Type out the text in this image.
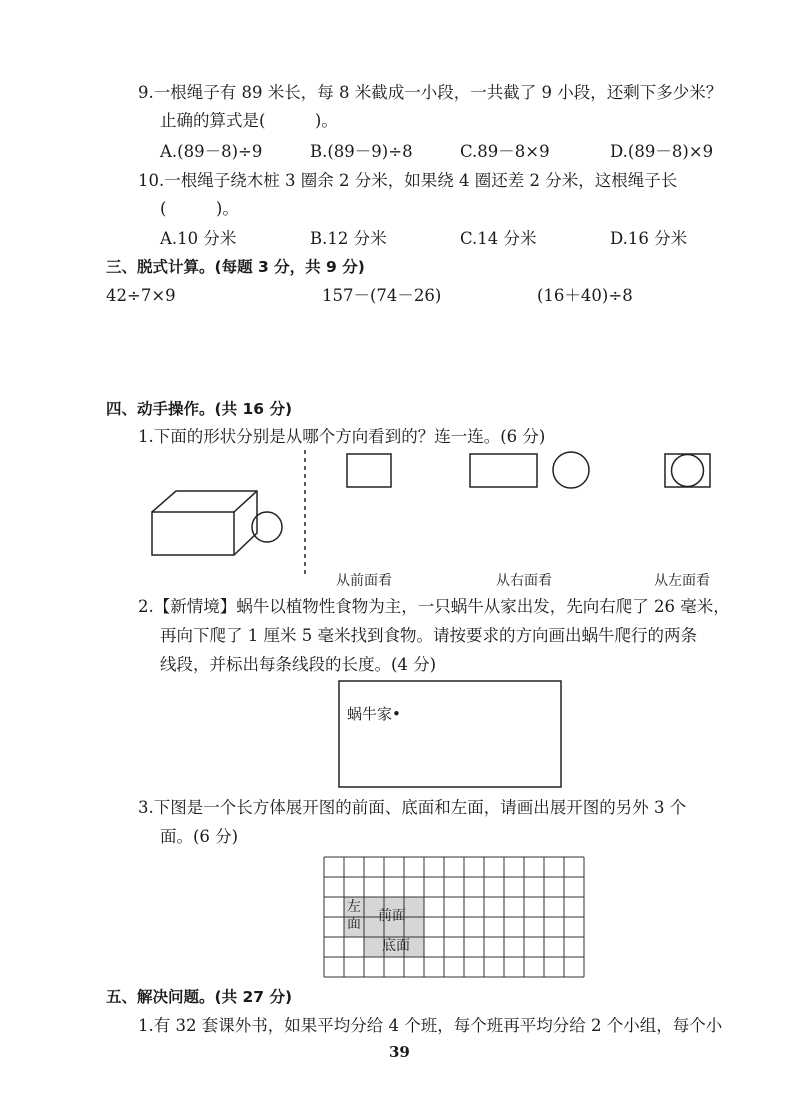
9.一根绳子有 89 米长，每 8 米截成一小段，一共截了 9 小段，还剩下多少米？
止确的算式是(　　　)。
A.(89－8)÷9	B.(89－9)÷8	C.89－8×9	D.(89－8)×9
10.一根绳子绕木桩 3 圈余 2 分米，如果绕 4 圈还差 2 分米，这根绳子长
(　　　)。
A.10 分米	B.12 分米	C.14 分米	D.16 分米
三、脱式计算。(每题 3 分，共 9 分)
42÷7×9	157－(74－26)	(16＋40)÷8
四、动手操作。(共 16 分)
1.下面的形状分别是从哪个方向看到的？连一连。(6 分)
从前面看	从右面看	从左面看
2.【新情境】蜗牛以植物性食物为主，一只蜗牛从家出发，先向右爬了 26 毫米，
再向下爬了 1 厘米 5 毫米找到食物。请按要求的方向画出蜗牛爬行的两条
线段，并标出每条线段的长度。(4 分)
蜗牛家•
3.下图是一个长方体展开图的前面、底面和左面，请画出展开图的另外 3 个
面。(6 分)
左
面 前面
底面
五、解决问题。(共 27 分)
1.有 32 套课外书，如果平均分给 4 个班，每个班再平均分给 2 个小组，每个小
39
